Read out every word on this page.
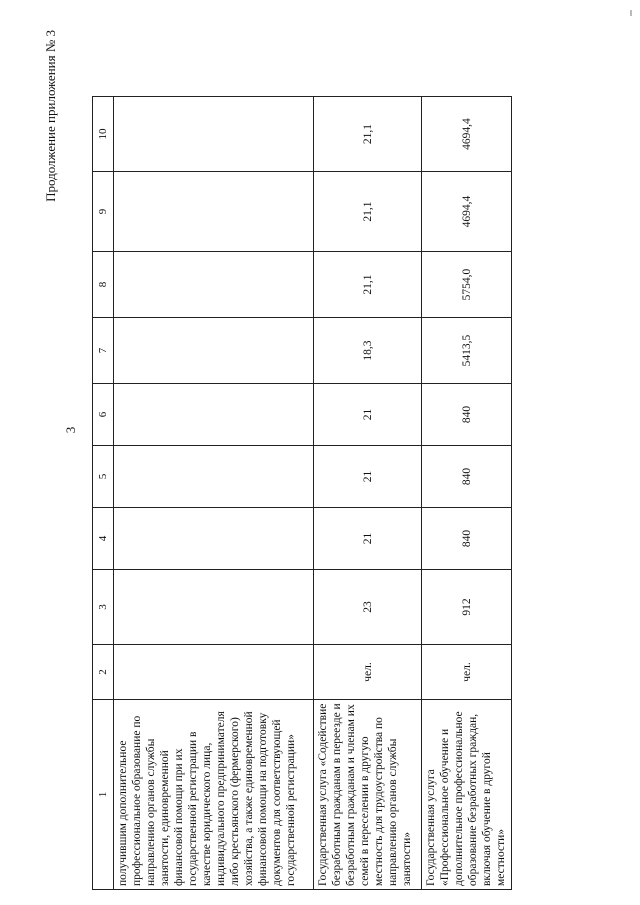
3
Продолжение приложения № 3
1	2	3	4	5	6	7	8	9	10
получившим дополнительное профессиональное образование по направлению органов службы занятости, единовременной финансовой помощи при их государственной регистрации в качестве юридического лица, индивидуального предпринимателя либо крестьянского (фермерского) хозяйства, а также единовременной финансовой помощи на подготовку документов для соответствующей государственной регистрации»									
Государственная услуга «Содействие безработным гражданам в переезде и безработным гражданам и членам их семей в переселении в другую местность для трудоустройства по направлению органов службы занятости»	чел.	23	21	21	21	18,3	21,1	21,1	21,1
Государственная услуга «Профессиональное обучение и дополнительное профессиональное образование безработных граждан, включая обучение в другой местности»	чел.	912	840	840	840	5413,5	5754,0	4694,4	4694,4
